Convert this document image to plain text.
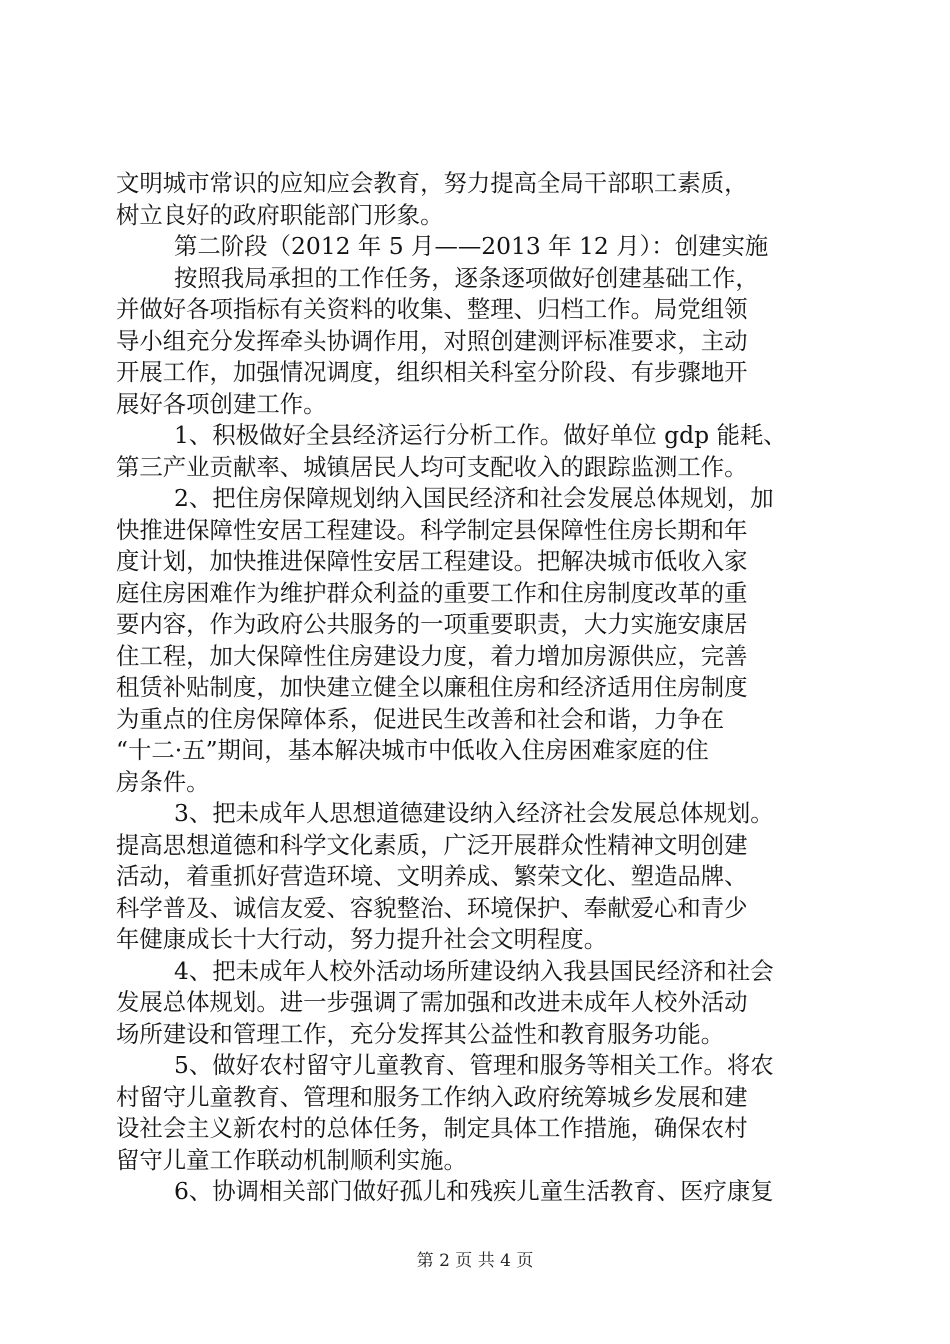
文明城市常识的应知应会教育，努力提高全局干部职工素质，

树立良好的政府职能部门形象。

第二阶段（2012 年 5 月——2013 年 12 月）：创建实施

按照我局承担的工作任务，逐条逐项做好创建基础工作，

并做好各项指标有关资料的收集、整理、归档工作。局党组领

导小组充分发挥牵头协调作用，对照创建测评标准要求，主动

开展工作，加强情况调度，组织相关科室分阶段、有步骤地开

展好各项创建工作。

1、积极做好全县经济运行分析工作。做好单位 gdp 能耗、

第三产业贡献率、城镇居民人均可支配收入的跟踪监测工作。

2、把住房保障规划纳入国民经济和社会发展总体规划，加

快推进保障性安居工程建设。科学制定县保障性住房长期和年

度计划，加快推进保障性安居工程建设。把解决城市低收入家

庭住房困难作为维护群众利益的重要工作和住房制度改革的重

要内容，作为政府公共服务的一项重要职责，大力实施安康居

住工程，加大保障性住房建设力度，着力增加房源供应，完善

租赁补贴制度，加快建立健全以廉租住房和经济适用住房制度

为重点的住房保障体系，促进民生改善和社会和谐，力争在

“十二·五”期间，基本解决城市中低收入住房困难家庭的住

房条件。

3、把未成年人思想道德建设纳入经济社会发展总体规划。

提高思想道德和科学文化素质，广泛开展群众性精神文明创建

活动，着重抓好营造环境、文明养成、繁荣文化、塑造品牌、

科学普及、诚信友爱、容貌整治、环境保护、奉献爱心和青少

年健康成长十大行动，努力提升社会文明程度。

4、把未成年人校外活动场所建设纳入我县国民经济和社会

发展总体规划。进一步强调了需加强和改进未成年人校外活动

场所建设和管理工作，充分发挥其公益性和教育服务功能。

5、做好农村留守儿童教育、管理和服务等相关工作。将农

村留守儿童教育、管理和服务工作纳入政府统筹城乡发展和建

设社会主义新农村的总体任务，制定具体工作措施，确保农村

留守儿童工作联动机制顺利实施。

6、协调相关部门做好孤儿和残疾儿童生活教育、医疗康复

第 2 页 共 4 页
